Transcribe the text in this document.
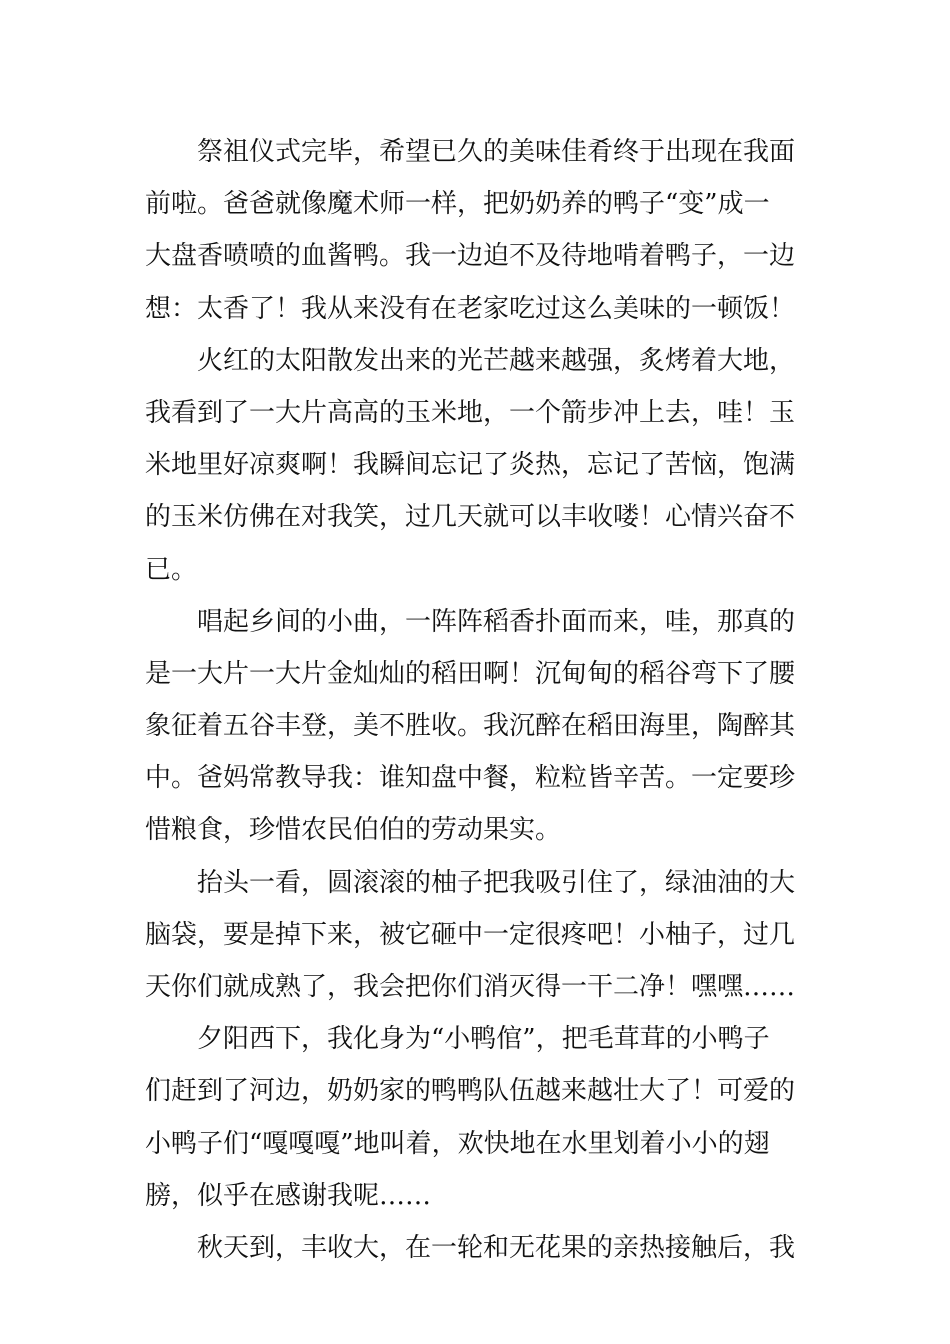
祭祖仪式完毕，希望已久的美味佳肴终于出现在我面
前啦。爸爸就像魔术师一样，把奶奶养的鸭子“变”成一
大盘香喷喷的血酱鸭。我一边迫不及待地啃着鸭子，一边
想：太香了！我从来没有在老家吃过这么美味的一顿饭！
火红的太阳散发出来的光芒越来越强，炙烤着大地，
我看到了一大片高高的玉米地，一个箭步冲上去，哇！玉
米地里好凉爽啊！我瞬间忘记了炎热，忘记了苦恼，饱满
的玉米仿佛在对我笑，过几天就可以丰收喽！心情兴奋不
已。
唱起乡间的小曲，一阵阵稻香扑面而来，哇，那真的
是一大片一大片金灿灿的稻田啊！沉甸甸的稻谷弯下了腰
象征着五谷丰登，美不胜收。我沉醉在稻田海里，陶醉其
中。爸妈常教导我：谁知盘中餐，粒粒皆辛苦。一定要珍
惜粮食，珍惜农民伯伯的劳动果实。
抬头一看，圆滚滚的柚子把我吸引住了，绿油油的大
脑袋，要是掉下来，被它砸中一定很疼吧！小柚子，过几
天你们就成熟了，我会把你们消灭得一干二净！嘿嘿……
夕阳西下，我化身为“小鸭倌”，把毛茸茸的小鸭子
们赶到了河边，奶奶家的鸭鸭队伍越来越壮大了！可爱的
小鸭子们“嘎嘎嘎”地叫着，欢快地在水里划着小小的翅
膀，似乎在感谢我呢……
秋天到，丰收大，在一轮和无花果的亲热接触后，我
